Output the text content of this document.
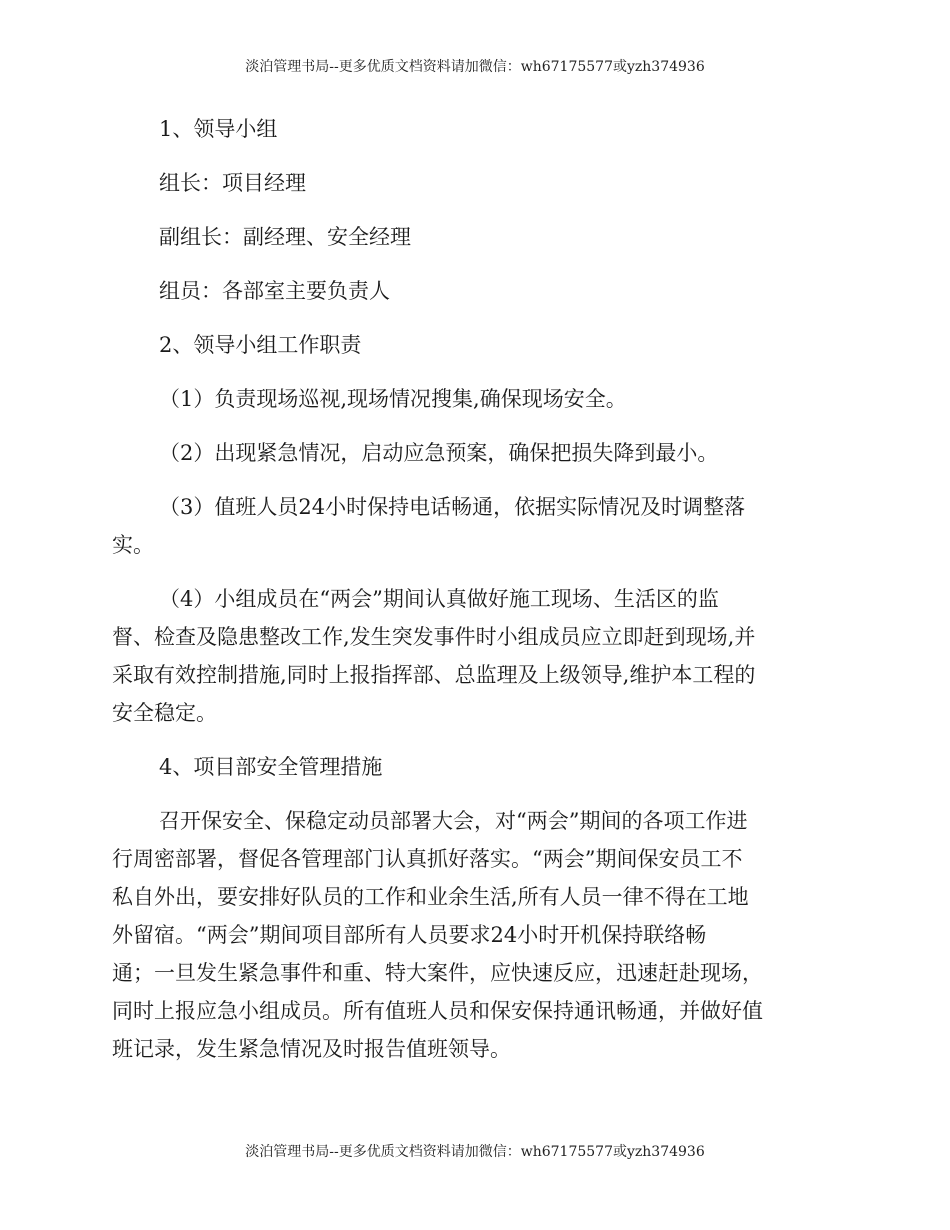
淡泊管理书局--更多优质文档资料请加微信：wh67175577或yzh374936

1、领导小组

组长：项目经理

副组长：副经理、安全经理

组员：各部室主要负责人

2、领导小组工作职责

（1）负责现场巡视,现场情况搜集,确保现场安全。

（2）出现紧急情况，启动应急预案，确保把损失降到最小。

（3）值班人员24小时保持电话畅通，依据实际情况及时调整落
实。
（4）小组成员在“两会”期间认真做好施工现场、生活区的监
督、检查及隐患整改工作,发生突发事件时小组成员应立即赶到现场,并
采取有效控制措施,同时上报指挥部、总监理及上级领导,维护本工程的
安全稳定。

4、项目部安全管理措施

召开保安全、保稳定动员部署大会，对“两会”期间的各项工作进
行周密部署，督促各管理部门认真抓好落实。“两会”期间保安员工不
私自外出，要安排好队员的工作和业余生活,所有人员一律不得在工地
外留宿。“两会”期间项目部所有人员要求24小时开机保持联络畅
通；一旦发生紧急事件和重、特大案件，应快速反应，迅速赶赴现场，
同时上报应急小组成员。所有值班人员和保安保持通讯畅通，并做好值
班记录，发生紧急情况及时报告值班领导。
淡泊管理书局--更多优质文档资料请加微信：wh67175577或yzh374936
